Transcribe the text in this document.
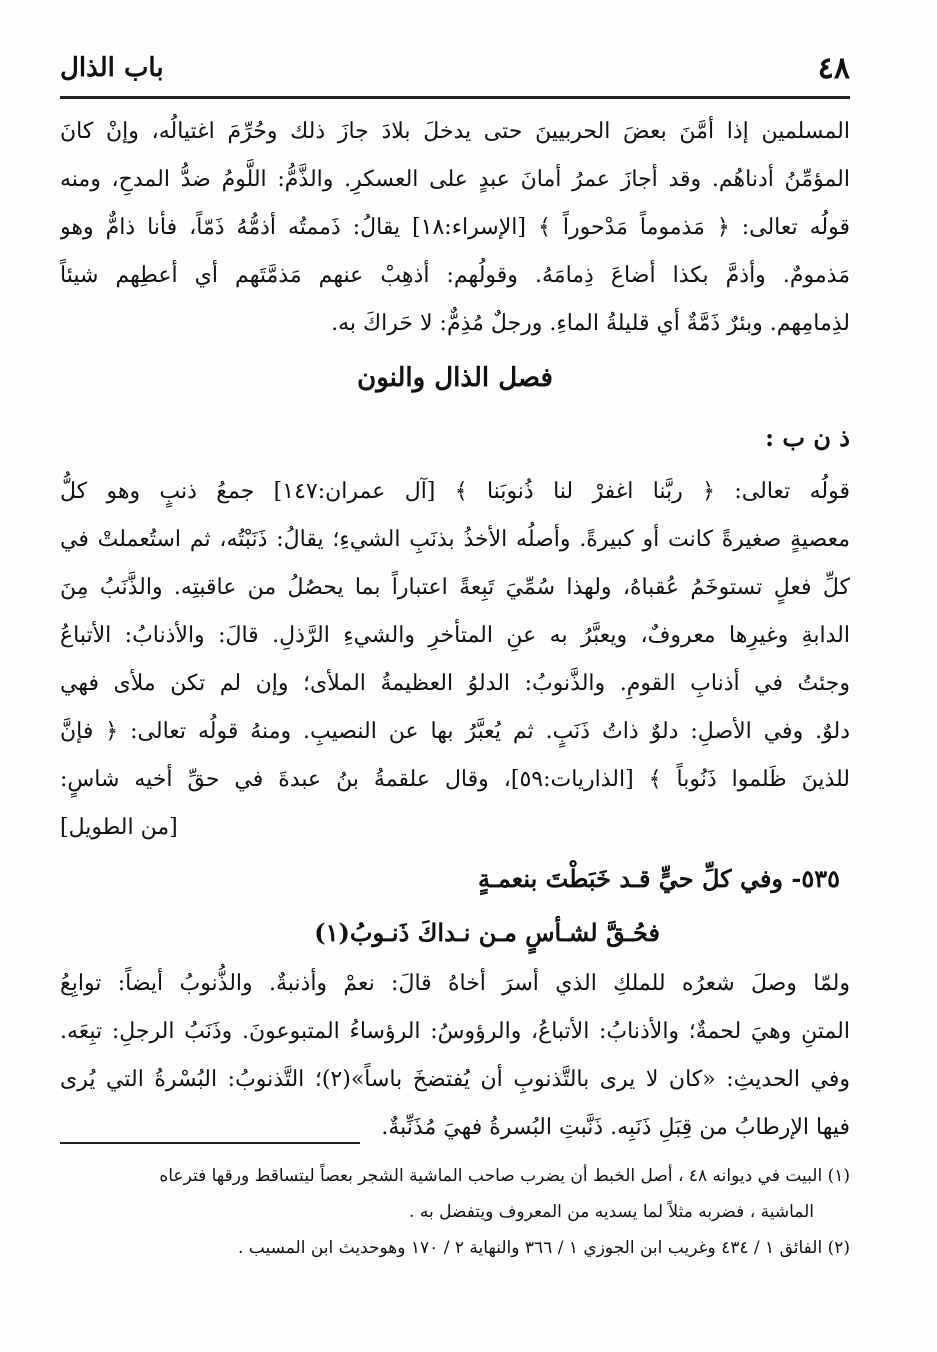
٤٨
باب الذال
المسلمين إذا أمَّنَ بعضَ الحربيينَ حتى يدخلَ بلادَ جازَ ذلك وحُرِّمَ اغتيالُه، وإنْ كانَ
المؤمِّنُ أدناهُم. وقد أجازَ عمرُ أمانَ عبدٍ على العسكرِ. والذَّمُّ: اللَّومُ ضدُّ المدحِ، ومنه
قولُه تعالى: ﴿ مَذموماً مَدْحوراً ﴾ [الإسراء:١٨] يقالُ: ذَممتُه أذمُّهُ ذَمّاً، فأنا ذامٌّ وهو
مَذمومٌ. وأذمَّ بكذا أضاعَ ذِمامَهُ. وقولُهم: أذهِبْ عنهم مَذمَّتَهم أي أعطِهم شيئاً
لذِمامِهم. وبئرٌ ذَمَّةٌ أي قليلةُ الماءِ. ورجلٌ مُذِمٌّ: لا حَراكَ به.
فصل الذال والنون
ذ ن ب :
قولُه تعالى: ﴿ ربَّنا اغفرْ لنا ذُنوبَنا ﴾ [آل عمران:١٤٧] جمعُ ذنبٍ وهو كلُّ
معصيةٍ صغيرةً كانت أو كبيرةً. وأصلُه الأخذُ بذنَبِ الشيءِ؛ يقالُ: ذَنَبْتُه، ثم استُعملتْ في
كلِّ فعلٍ تستوخَمُ عُقباهُ، ولهذا سُمِّيَ تَبِعةً اعتباراً بما يحصُلُ من عاقبتِه. والذَّنَبُ مِنَ
الدابةِ وغيرِها معروفٌ، ويعبَّرُ به عنِ المتأخرِ والشيءِ الرَّذلِ. قالَ: والأذنابُ: الأتباعُ
وجئتُ في أذنابِ القومِ. والذَّنوبُ: الدلوُ العظيمةُ الملأى؛ وإن لم تكن ملأى فهي
دلوٌ. وفي الأصلِ: دلوٌ ذاتُ ذَنَبٍ. ثم يُعبَّرُ بها عن النصيبِ. ومنهُ قولُه تعالى: ﴿ فإنَّ
للذينَ ظَلموا ذَنُوباً ﴾ [الذاريات:٥٩]، وقال علقمةُ بنُ عبدةَ في حقِّ أخيه شاسٍ:
[من الطويل]
٥٣٥- وفي كلِّ حيٍّ قـد خَبَطْتَ بنعمـةٍ
فحُـقَّ لشـأسٍ مـن نـداكَ ذَنـوبُ(١)
ولمّا وصلَ شعرُه للملكِ الذي أسرَ أخاهُ قالَ: نعمْ وأذنبةٌ. والذُّنوبُ أيضاً: توابِعُ
المتنِ وهيَ لحمةٌ؛ والأذنابُ: الأتباعُ، والرؤوسُ: الرؤساءُ المتبوعونَ. وذَنَبُ الرجلِ: تبِعَه.
وفي الحديثِ: «كان لا يرى بالتَّذنوبِ أن يُفتضخَ باساً»(٢)؛ التَّذنوبُ: البُسْرةُ التي يُرى
فيها الإرطابُ من قِبَلِ ذَنَبِه. ذَنَّبتِ البُسرةُ فهيَ مُذَنِّبةٌ.
(١) البيت في ديوانه ٤٨ ، أصل الخبط أن يضرب صاحب الماشية الشجر بعصاً ليتساقط ورقها فترعاه
الماشية ، فضربه مثلاً لما يسديه من المعروف ويتفضل به .
(٢) الفائق ١ / ٤٣٤ وغريب ابن الجوزي ١ / ٣٦٦ والنهاية ٢ / ١٧٠ وهوحديث ابن المسيب .
